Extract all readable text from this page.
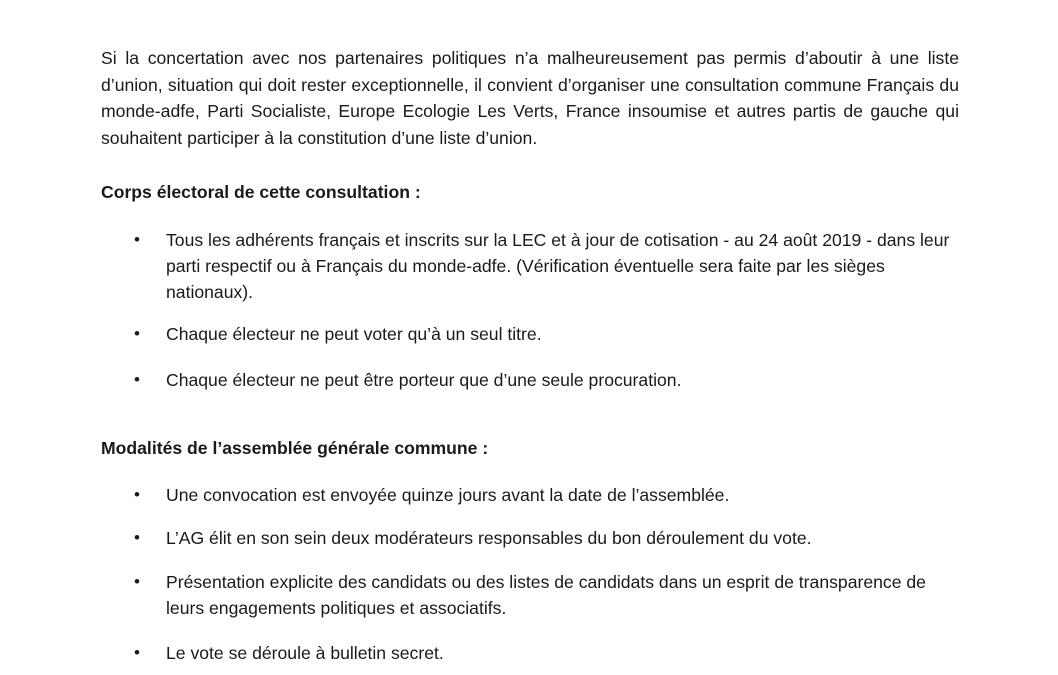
Si la concertation avec nos partenaires politiques n’a malheureusement pas permis d’aboutir à une liste d’union, situation qui doit rester exceptionnelle, il convient d’organiser une consultation commune Français du monde-adfe, Parti Socialiste, Europe Ecologie Les Verts, France insoumise et autres partis de gauche qui souhaitent participer à la constitution d’une liste d’union.

Corps électoral de cette consultation :

• Tous les adhérents français et inscrits sur la LEC et à jour de cotisation - au 24 août 2019 - dans leur parti respectif ou à Français du monde-adfe. (Vérification éventuelle sera faite par les sièges nationaux).
• Chaque électeur ne peut voter qu’à un seul titre.
• Chaque électeur ne peut être porteur que d’une seule procuration.

Modalités de l’assemblée générale commune :

• Une convocation est envoyée quinze jours avant la date de l’assemblée.
• L’AG élit en son sein deux modérateurs responsables du bon déroulement du vote.
• Présentation explicite des candidats ou des listes de candidats dans un esprit de transparence de leurs engagements politiques et associatifs.
• Le vote se déroule à bulletin secret.
